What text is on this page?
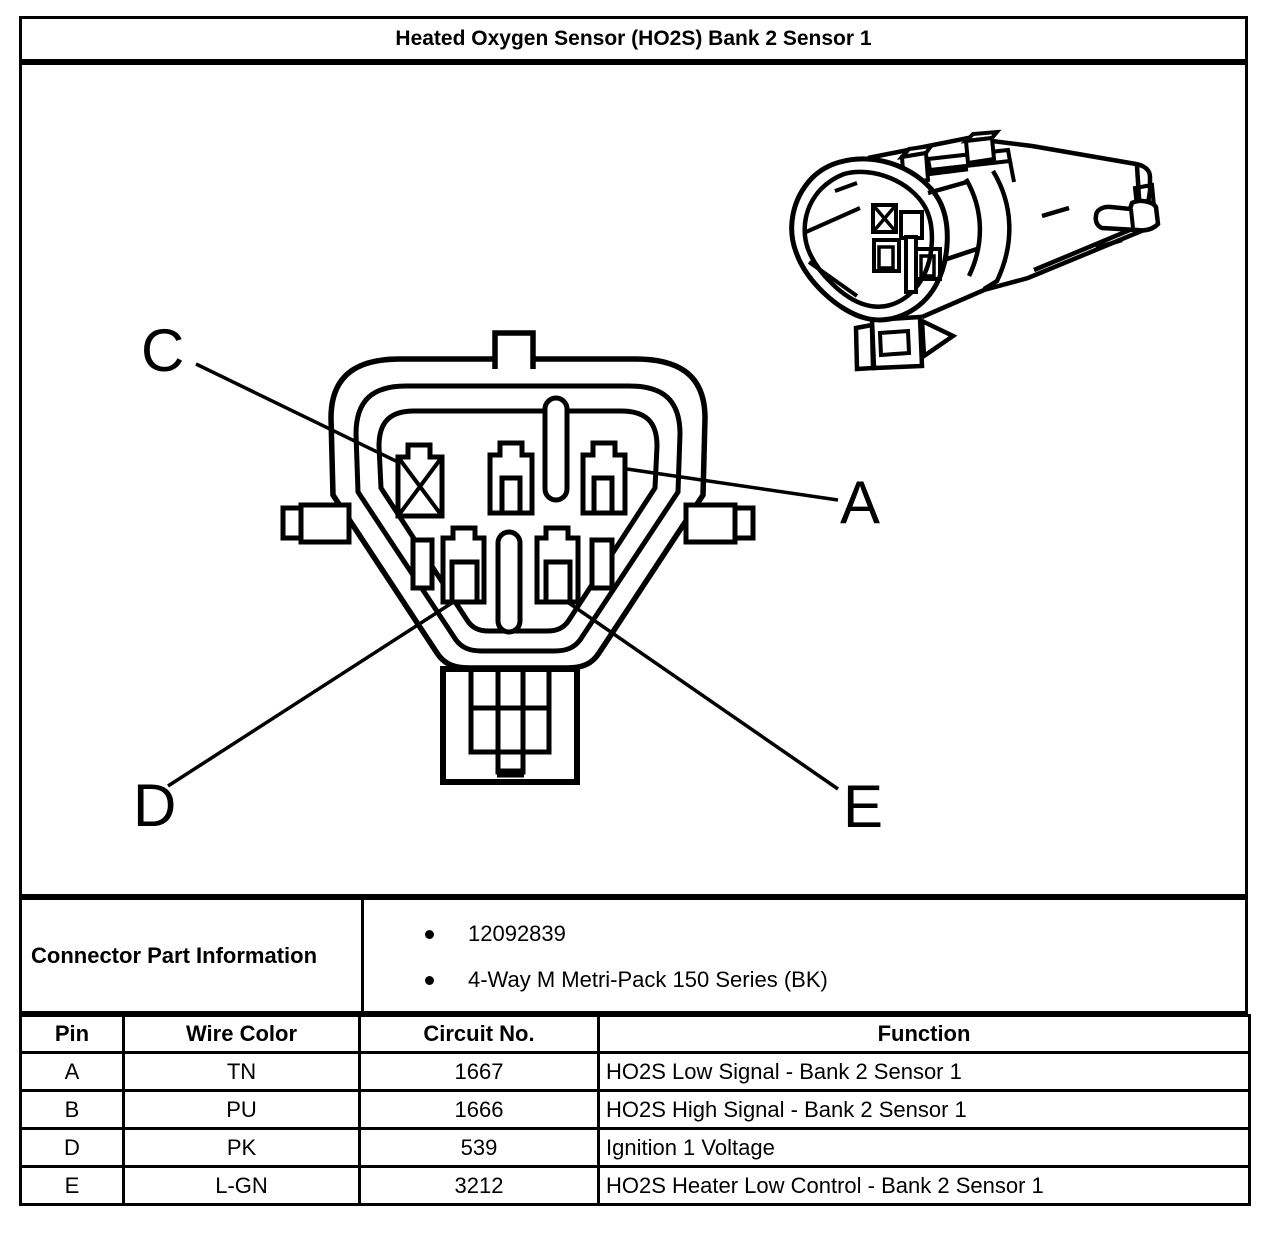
Heated Oxygen Sensor (HO2S) Bank 2 Sensor 1
C
A
D	E
Connector Part Information
12092839
4-Way M Metri-Pack 150 Series (BK)
Pin	Wire Color	Circuit No.	Function
A	TN	1667	HO2S Low Signal - Bank 2 Sensor 1
B	PU	1666	HO2S High Signal - Bank 2 Sensor 1
D	PK	539	Ignition 1 Voltage
E	L-GN	3212	HO2S Heater Low Control - Bank 2 Sensor 1
